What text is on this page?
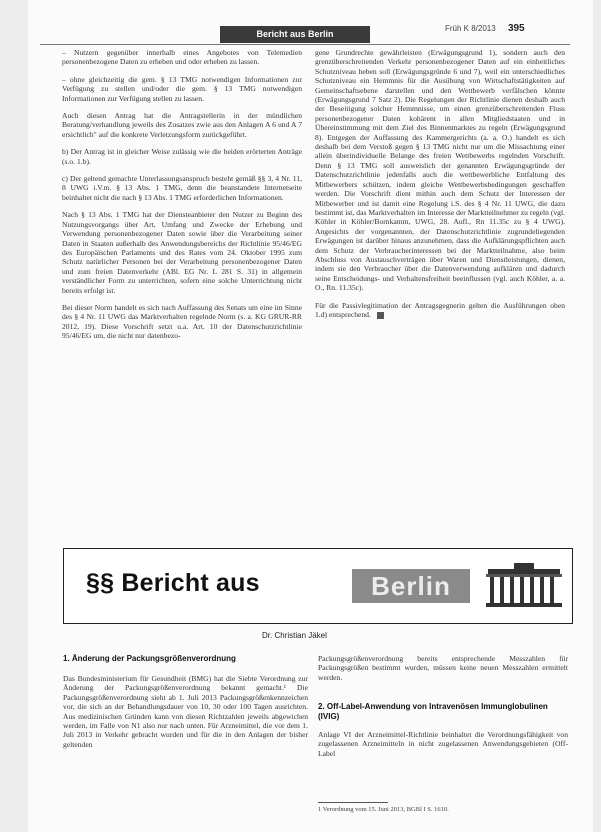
Bericht aus Berlin
Früh K 8/2013 395

– Nutzern gegenüber innerhalb eines Angebotes von Telemedien personenbezogene Daten zu erheben und oder erheben zu lassen.

– ohne gleichzeitig die gem. § 13 TMG notwendigen Informationen zur Verfügung zu stellen und/oder die gem. § 13 TMG notwendigen Informationen zur Verfügung stellen zu lassen.

Auch diesen Antrag hat die Antragstellerin in der mündlichen Beratung/verhandlung jeweils des Zusatzes zwie aus den Anlagen A 6 und A 7 ersichtlich" auf die konkrete Verletzungsform zurückgeführt.

b) Der Antrag ist in gleicher Weise zulässig wie die beiden erörterten Anträge (s.o. 1.b).

c) Der geltend gemachte Unterlassungsanspruch besteht gemäß §§ 3, 4 Nr. 11, 8 UWG i.V.m. § 13 Abs. 1 TMG, denn die beanstandete Internetseite beinhaltet nicht die nach § 13 Abs. 1 TMG erforderlichen Informationen.

Nach § 13 Abs. 1 TMG hat der Diensteanbieter den Nutzer zu Beginn des Nutzungsvorgangs über Art, Umfang und Zwecke der Erhebung und Verwendung personenbezogener Daten sowie über die Verarbeitung seiner Daten in Staaten außerhalb des Anwendungsbereichs der Richtlinie 95/46/EG des Europäischen Parlaments und des Rates vom 24. Oktober 1995 zum Schutz natürlicher Personen bei der Verarbeitung personenbezogener Daten und zum freien Datenverkehr (ABl. EG Nr. L 281 S. 31) in allgemein verständlicher Form zu unterrichten, sofern eine solche Unterrichtung nicht bereits erfolgt ist.

Bei dieser Norm handelt es sich nach Auffassung des Senats um eine im Sinne des § 4 Nr. 11 UWG das Marktverhalten regelnde Norm (s. a. KG GRUR-RR 2012, 19). Diese Vorschrift setzt u.a. Art. 10 der Datenschutzrichtlinie 95/46/EG um, die nicht nur datenbezo-

gene Grundrechte gewährleisten (Erwägungsgrund 1), sondern auch den grenzüberschreitenden Verkehr personenbezogener Daten auf ein einheitliches Schutzniveau heben soll (Erwägungsgründe 6 und 7), weil ein unterschiedliches Schutzniveau ein Hemmnis für die Ausübung von Wirtschaftstätigkeiten auf Gemeinschaftsebene darstellen und den Wettbewerb verfälschen könnte (Erwägungsgrund 7 Satz 2). Die Regelungen der Richtlinie dienen deshalb auch der Beseitigung solcher Hemmnisse, um einen grenzüberschreitenden Fluss personenbezogener Daten kohärent in allen Mitgliedstaaten und in Übereinstimmung mit dem Ziel des Binnenmarktes zu regeln (Erwägungsgrund 8). Entgegen der Auffassung des Kammergerichts (a. a. O.) handelt es sich deshalb bei dem Verstoß gegen § 13 TMG nicht nur um die Missachtung einer allein überindividuelle Belange des freien Wettbewerbs regelnden Vorschrift. Denn § 13 TMG soll ausweislich der genannten Erwägungsgründe der Datenschutzrichtlinie jedenfalls auch die wettbewerbliche Entfaltung des Mitbewerbers schützen, indem gleiche Wettbewerbsbedingungen geschaffen werden. Die Vorschrift dient mithin auch dem Schutz der Interessen der Mitbewerber und ist damit eine Regelung i.S. des § 4 Nr. 11 UWG, die dazu bestimmt ist, das Marktverhalten im Interesse der Marktteilnehmer zu regeln (vgl. Köhler in Köhler/Bornkamm, UWG, 28. Aufl., Rn 11.35c zu § 4 UWG). Angesichts der vorgenannten, der Datenschutzrichtlinie zugrundeliegenden Erwägungen ist darüber hinaus anzunehmen, dass die Aufklärungspflichten auch dem Schutz der Verbraucherinteressen bei der Marktteilnahme, also beim Abschluss von Austauschverträgen über Waren und Dienstleistungen, dienen, indem sie den Verbraucher über die Datenverwendung aufklären und dadurch seine Entscheidungs- und Verhaltensfreiheit beeinflussen (vgl. auch Köhler, a. a. O., Rn. 11.35c).

Für die Passivlegitimation der Antragsgegnerin gelten die Ausführungen oben 1.d) entsprechend.

§§ Bericht aus	Berlin
Dr. Christian Jäkel
1. Änderung der Packungsgrößenverordnung

Das Bundesministerium für Gesundheit (BMG) hat die Siebte Verordnung zur Änderung der Packungsgrößenverordnung bekannt gemacht.¹ Die Packungsgrößenverordnung sieht ab 1. Juli 2013 Packungsgrößenkennzeichen vor, die sich an der Behandlungsdauer von 10, 30 oder 100 Tagen ausrichten. Aus medizinischen Gründen kann von diesen Richtzahlen jeweils abgewichen werden, im Falle von N1 also nur nach unten. Für Arzneimittel, die vor dem 1. Juli 2013 in Verkehr gebracht wurden und für die in den Anlagen der bisher geltenden

Packungsgrößenverordnung bereits entsprechende Messzahlen für Packungsgrößen bestimmt wurden, müssen keine neuen Messzahlen ermittelt werden.

2. Off-Label-Anwendung von Intravenösen Immunglobulinen (IVIG)

Anlage VI der Arzneimittel-Richtlinie beinhaltet die Verordnungsfähigkeit von zugelassenen Arzneimitteln in nicht zugelassenen Anwendungsgebieten (Off-Label

1 Verordnung vom 15. Juni 2013, BGBl I S. 1610.
